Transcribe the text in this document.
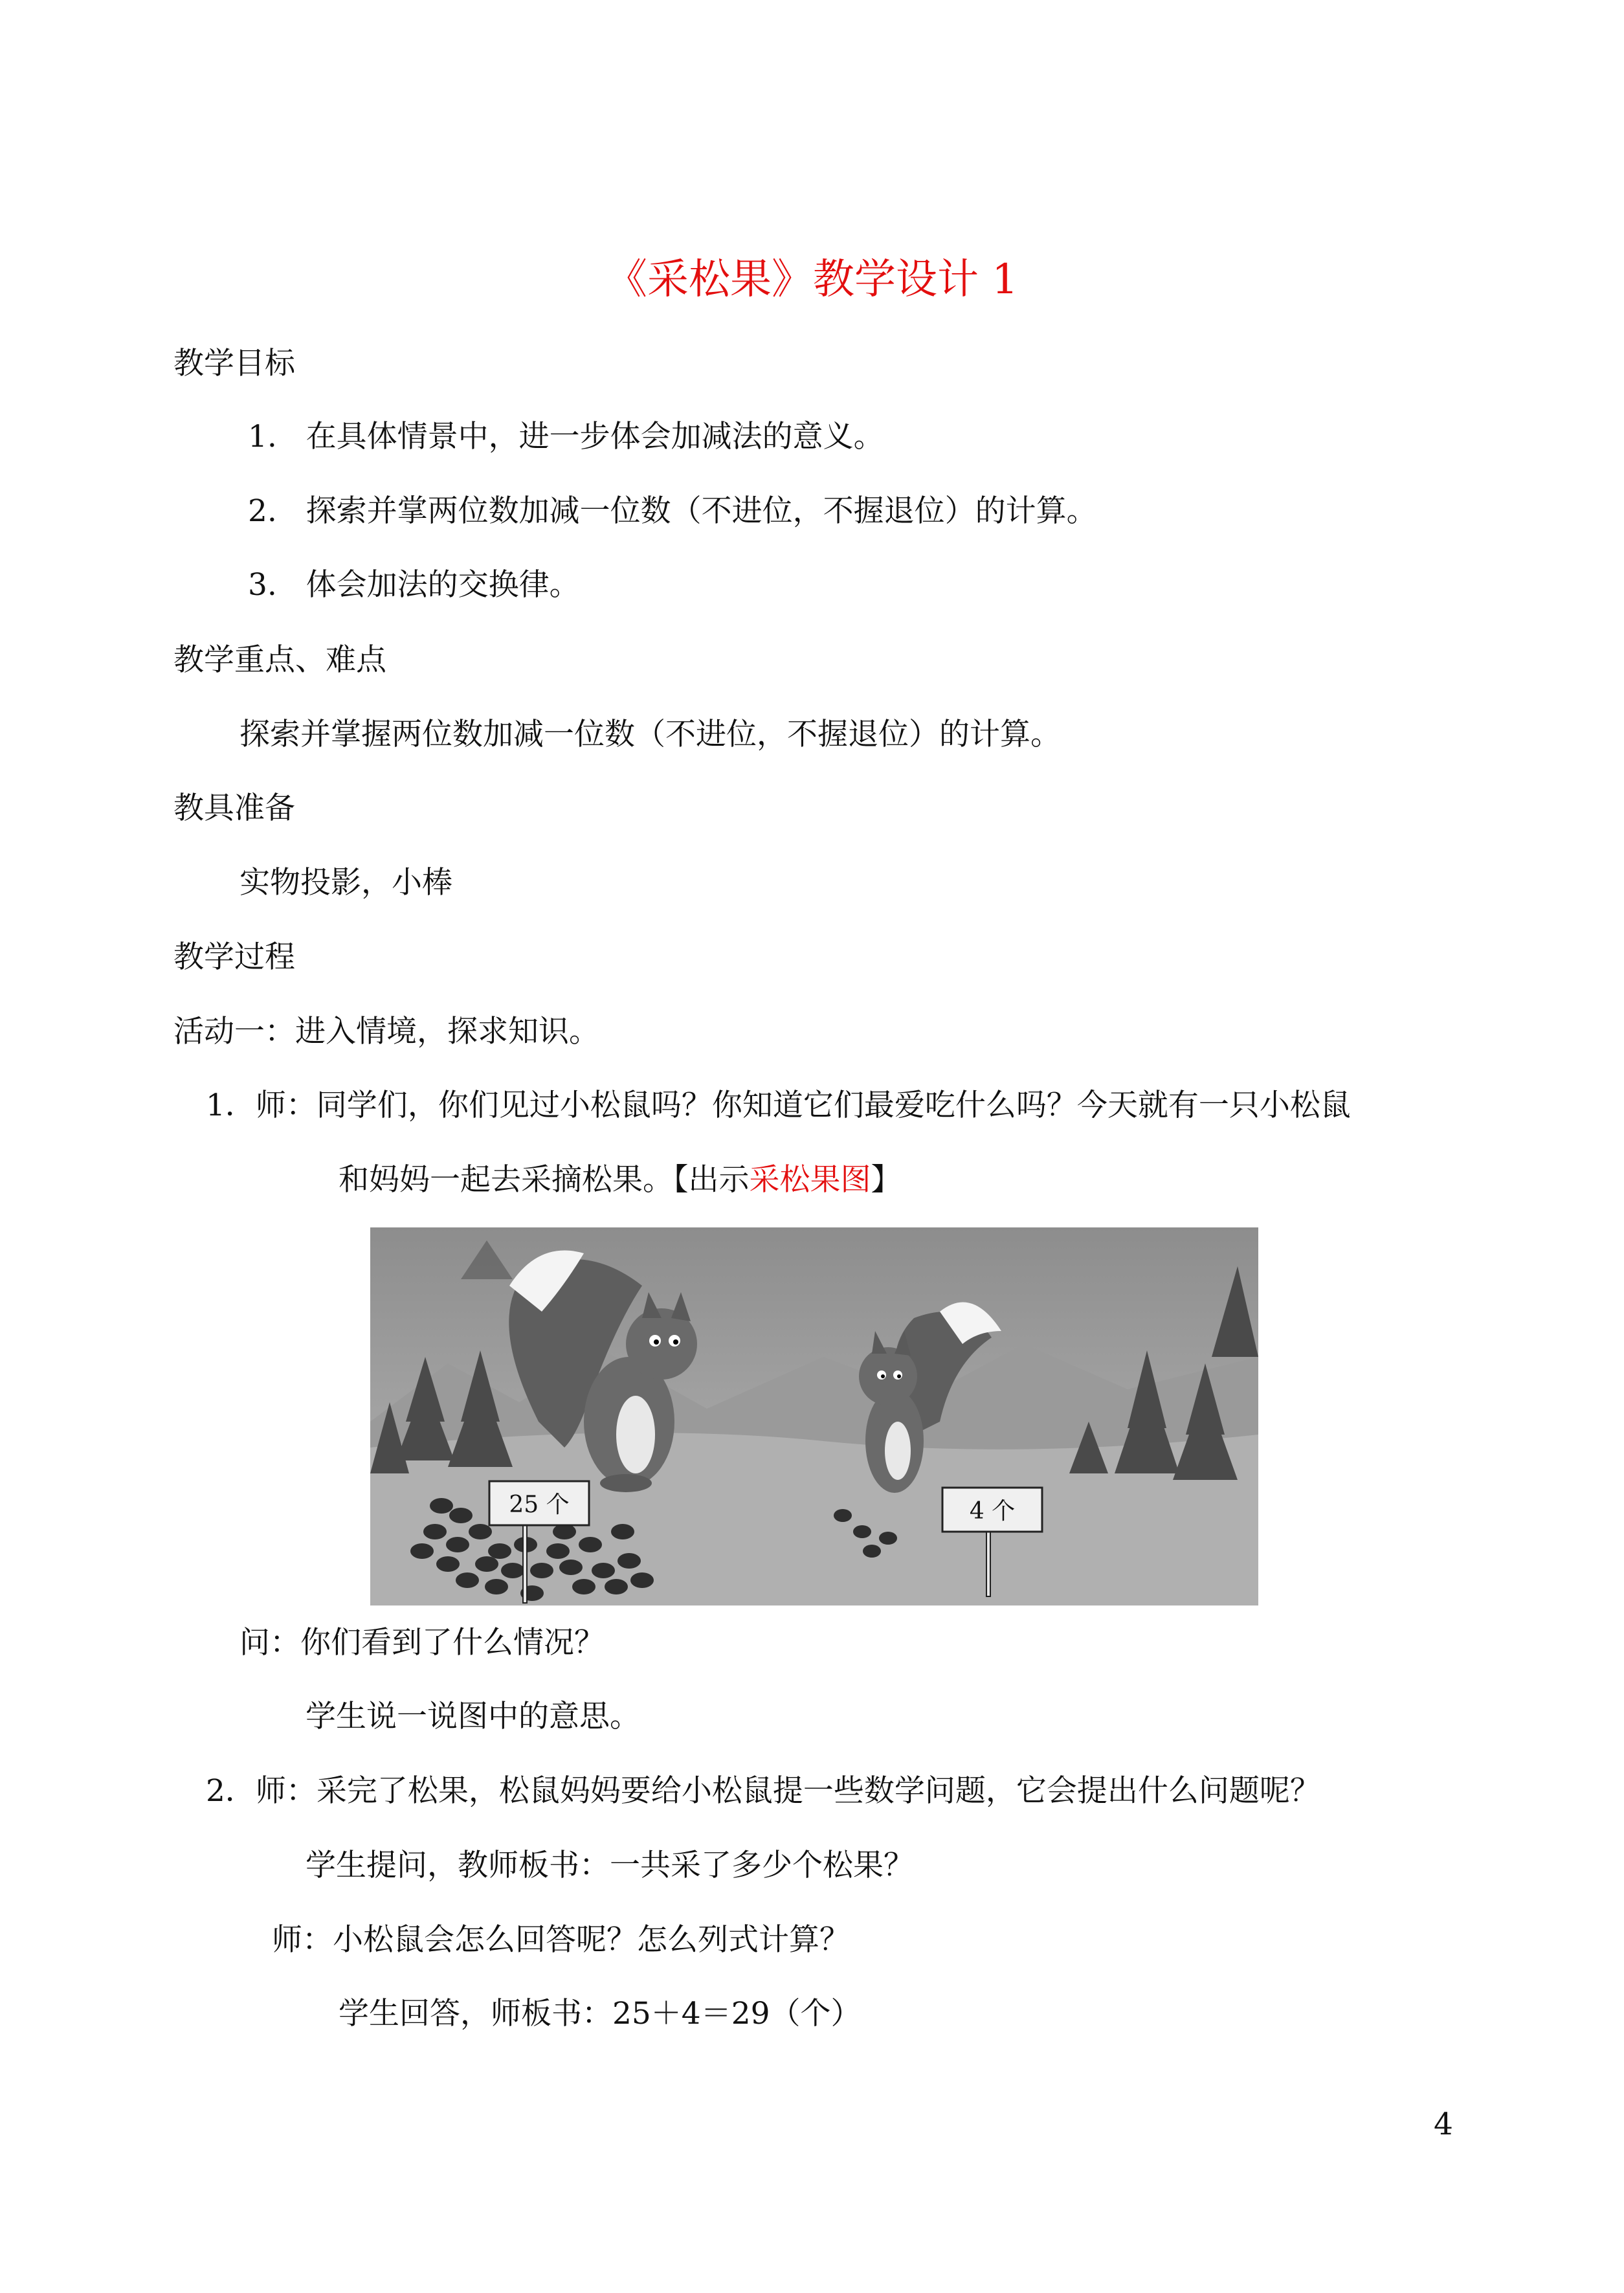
《采松果》教学设计 1
教学目标
1. 在具体情景中，进一步体会加减法的意义。
2. 探索并掌两位数加减一位数（不进位，不握退位）的计算。
3. 体会加法的交换律。
教学重点、难点
探索并掌握两位数加减一位数（不进位，不握退位）的计算。
教具准备
实物投影，小棒
教学过程
活动一：进入情境，探求知识。
1．师：同学们，你们见过小松鼠吗？你知道它们最爱吃什么吗？今天就有一只小松鼠
和妈妈一起去采摘松果。【出示采松果图】
25 个	4 个
问：你们看到了什么情况？
学生说一说图中的意思。
2．师：采完了松果，松鼠妈妈要给小松鼠提一些数学问题，它会提出什么问题呢？
学生提问，教师板书：一共采了多少个松果？
师：小松鼠会怎么回答呢？怎么列式计算？
学生回答，师板书：25＋4＝29（个）
4
